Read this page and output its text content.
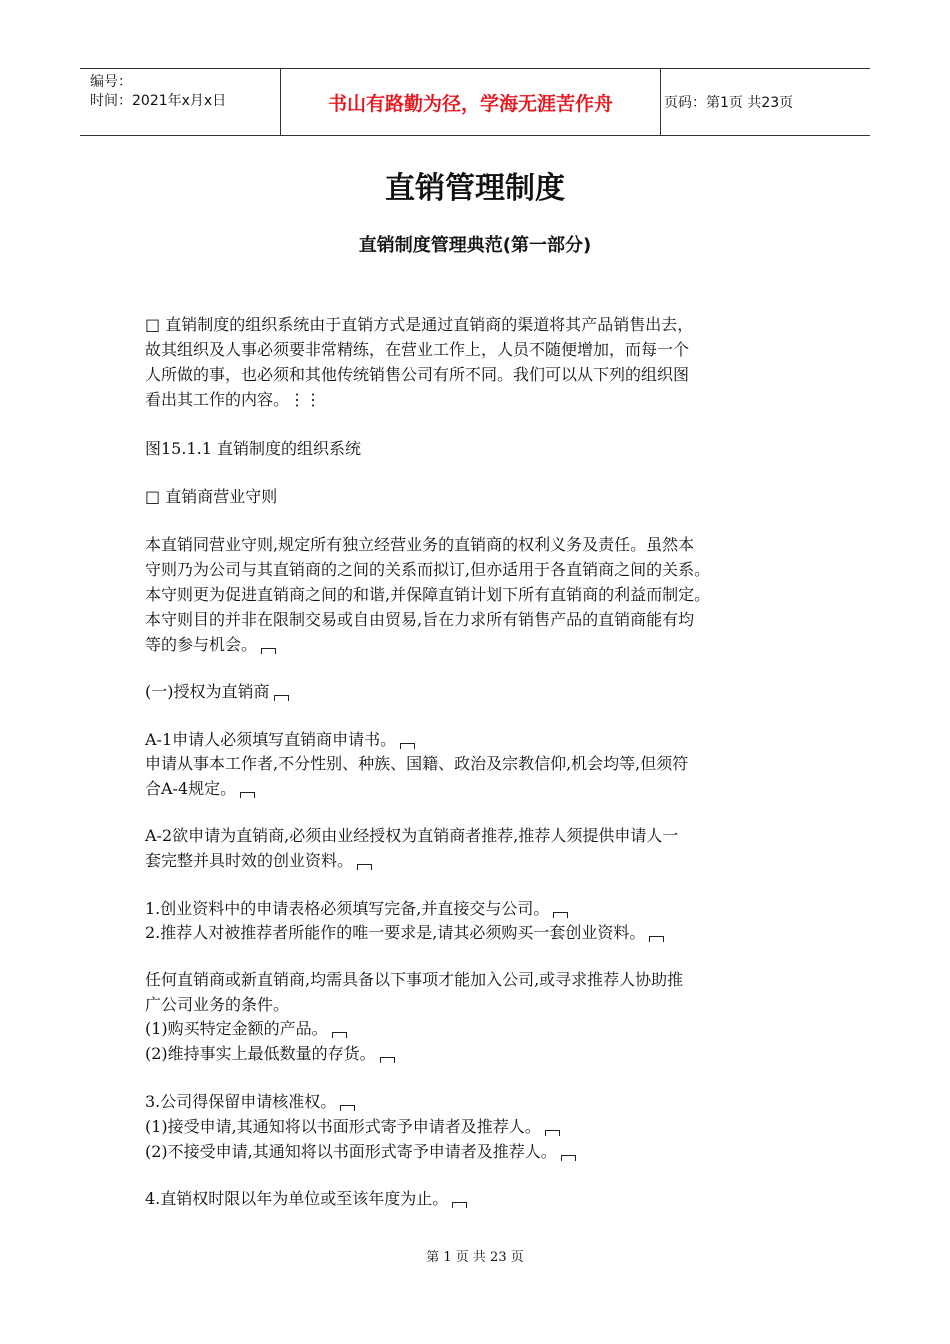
编号：
时间：2021年x月x日	书山有路勤为径，学海无涯苦作舟	页码：第1页 共23页
直销管理制度
直销制度管理典范(第一部分)
□ 直销制度的组织系统由于直销方式是通过直销商的渠道将其产品销售出去，
故其组织及人事必须要非常精练，在营业工作上，人员不随便增加，而每一个
人所做的事，也必须和其他传统销售公司有所不同。我们可以从下列的组织图
看出其工作的内容。⋮⋮
图15.1.1 直销制度的组织系统
□ 直销商营业守则
本直销同营业守则,规定所有独立经营业务的直销商的权利义务及责任。虽然本
守则乃为公司与其直销商的之间的关系而拟订,但亦适用于各直销商之间的关系。
本守则更为促进直销商之间的和谐,并保障直销计划下所有直销商的利益而制定。
本守则目的并非在限制交易或自由贸易,旨在力求所有销售产品的直销商能有均
等的参与机会。
(一)授权为直销商
A-1申请人必须填写直销商申请书。
申请从事本工作者,不分性别、种族、国籍、政治及宗教信仰,机会均等,但须符
合A-4规定。
A-2欲申请为直销商,必须由业经授权为直销商者推荐,推荐人须提供申请人一
套完整并具时效的创业资料。
1.创业资料中的申请表格必须填写完备,并直接交与公司。
2.推荐人对被推荐者所能作的唯一要求是,请其必须购买一套创业资料。
任何直销商或新直销商,均需具备以下事项才能加入公司,或寻求推荐人协助推
广公司业务的条件。
(1)购买特定金额的产品。
(2)维持事实上最低数量的存货。
3.公司得保留申请核准权。
(1)接受申请,其通知将以书面形式寄予申请者及推荐人。
(2)不接受申请,其通知将以书面形式寄予申请者及推荐人。
4.直销权时限以年为单位或至该年度为止。
第 1 页 共 23 页
